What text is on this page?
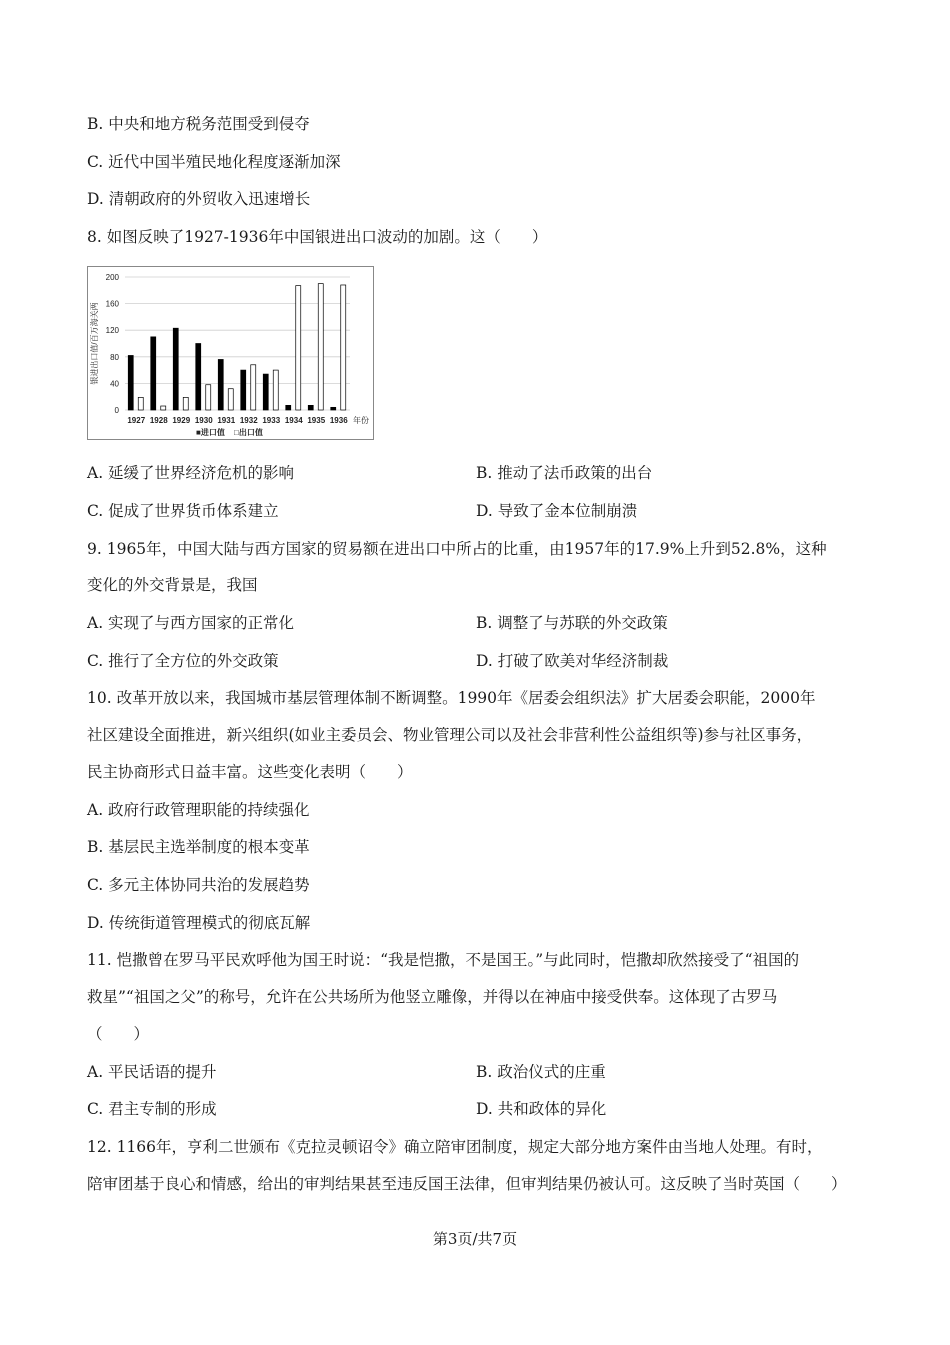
B. 中央和地方税务范围受到侵夺
C. 近代中国半殖民地化程度逐渐加深
D. 清朝政府的外贸收入迅速增长
8. 如图反映了1927-1936年中国银进出口波动的加剧。这（　　）
0
40
80
120
160
200
银进出口值/百万海关两
1927 1928 1929 1930 1931 1932 1933 1934 1935 1936 年份
■进口值 □出口值
A. 延缓了世界经济危机的影响	B. 推动了法币政策的出台
C. 促成了世界货币体系建立	D. 导致了金本位制崩溃
9. 1965年，中国大陆与西方国家的贸易额在进出口中所占的比重，由1957年的17.9%上升到52.8%，这种
变化的外交背景是，我国
A. 实现了与西方国家的正常化	B. 调整了与苏联的外交政策
C. 推行了全方位的外交政策	D. 打破了欧美对华经济制裁
10. 改革开放以来，我国城市基层管理体制不断调整。1990年《居委会组织法》扩大居委会职能，2000年
社区建设全面推进，新兴组织(如业主委员会、物业管理公司以及社会非营利性公益组织等)参与社区事务，
民主协商形式日益丰富。这些变化表明（　　）
A. 政府行政管理职能的持续强化
B. 基层民主选举制度的根本变革
C. 多元主体协同共治的发展趋势
D. 传统街道管理模式的彻底瓦解
11. 恺撒曾在罗马平民欢呼他为国王时说：“我是恺撒，不是国王。”与此同时，恺撒却欣然接受了“祖国的
救星”“祖国之父”的称号，允许在公共场所为他竖立雕像，并得以在神庙中接受供奉。这体现了古罗马
（　　）
A. 平民话语的提升	B. 政治仪式的庄重
C. 君主专制的形成	D. 共和政体的异化
12. 1166年，亨利二世颁布《克拉灵顿诏令》确立陪审团制度，规定大部分地方案件由当地人处理。有时，
陪审团基于良心和情感，给出的审判结果甚至违反国王法律，但审判结果仍被认可。这反映了当时英国（　　）
第3页/共7页
